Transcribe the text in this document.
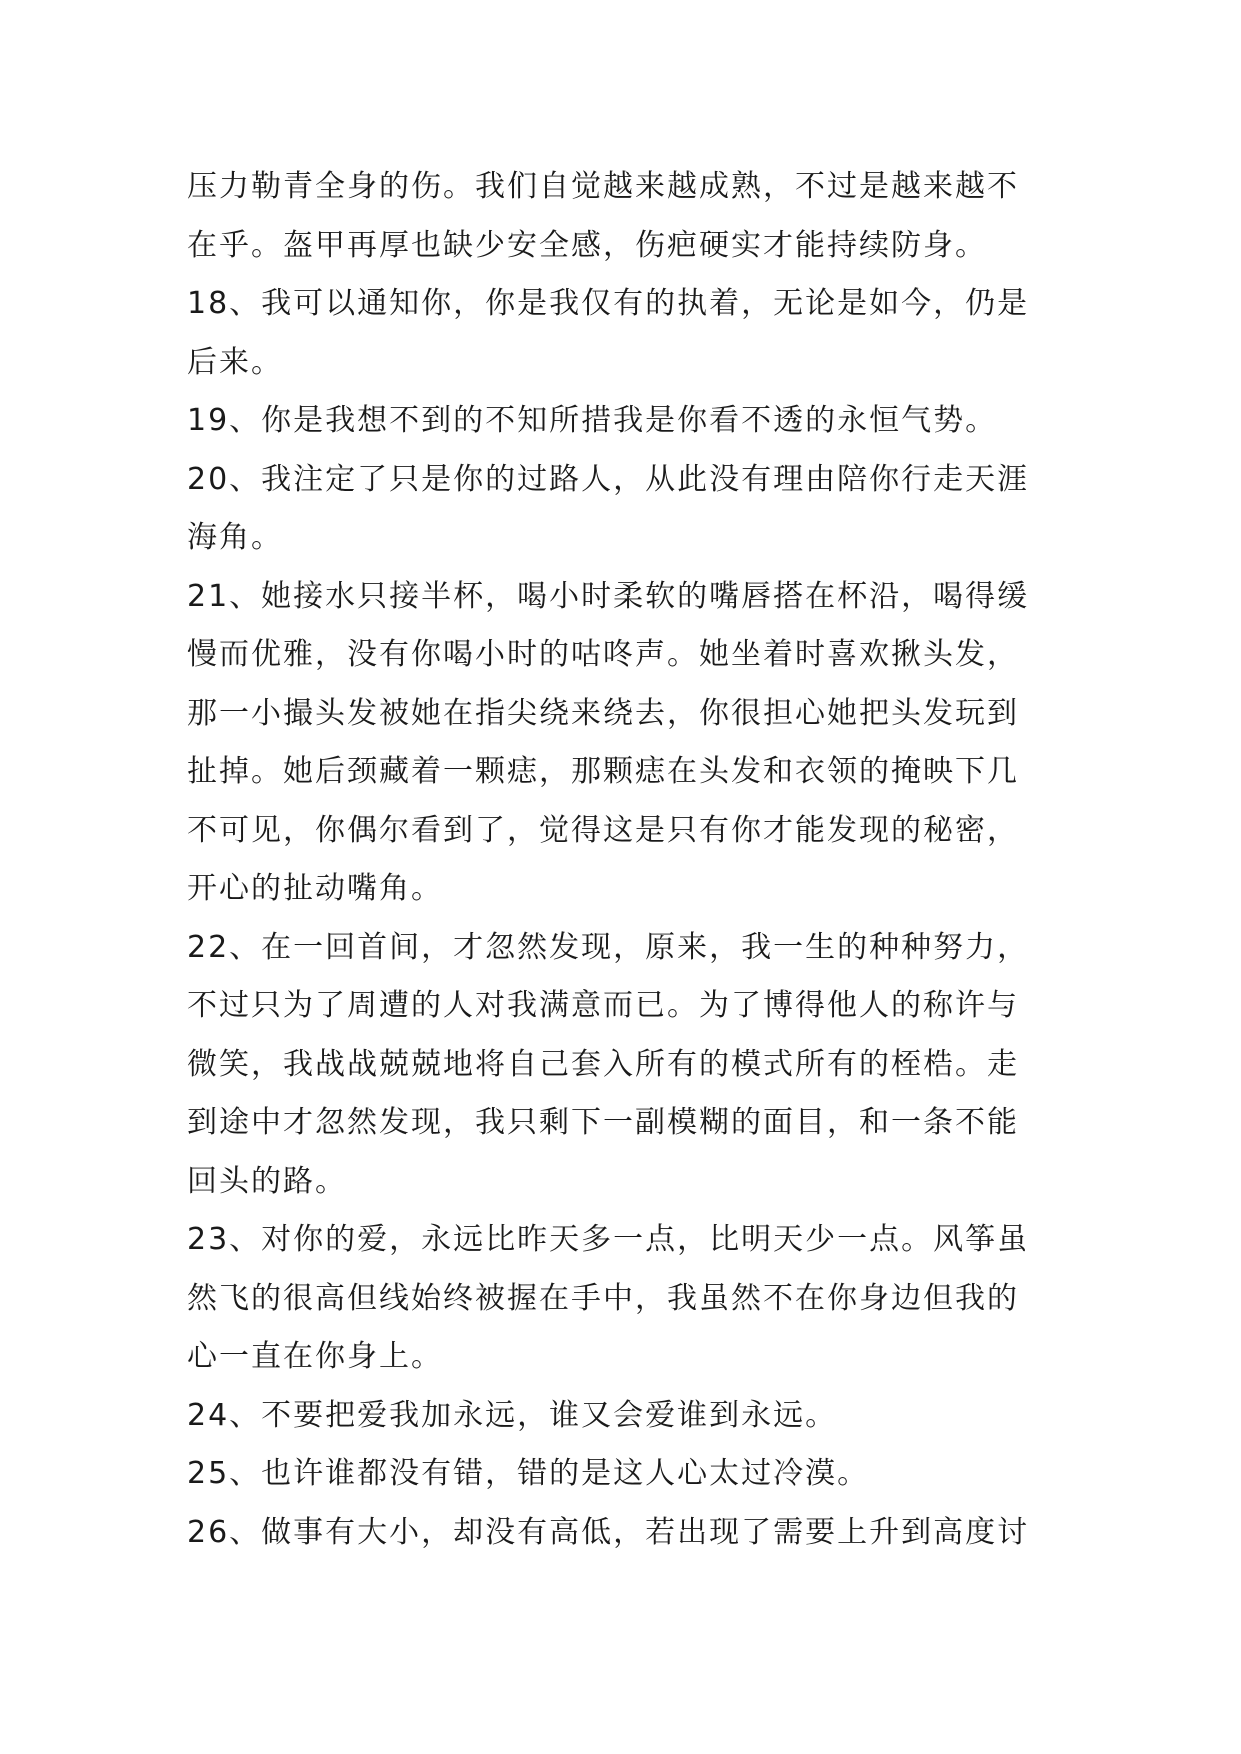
压力勒青全身的伤。我们自觉越来越成熟，不过是越来越不
在乎。盔甲再厚也缺少安全感，伤疤硬实才能持续防身。
18、我可以通知你，你是我仅有的执着，无论是如今，仍是
后来。
19、你是我想不到的不知所措我是你看不透的永恒气势。
20、我注定了只是你的过路人，从此没有理由陪你行走天涯
海角。
21、她接水只接半杯，喝小时柔软的嘴唇搭在杯沿，喝得缓
慢而优雅，没有你喝小时的咕咚声。她坐着时喜欢揪头发，
那一小撮头发被她在指尖绕来绕去，你很担心她把头发玩到
扯掉。她后颈藏着一颗痣，那颗痣在头发和衣领的掩映下几
不可见，你偶尔看到了，觉得这是只有你才能发现的秘密，
开心的扯动嘴角。
22、在一回首间，才忽然发现，原来，我一生的种种努力，
不过只为了周遭的人对我满意而已。为了博得他人的称许与
微笑，我战战兢兢地将自己套入所有的模式所有的桎梏。走
到途中才忽然发现，我只剩下一副模糊的面目，和一条不能
回头的路。
23、对你的爱，永远比昨天多一点，比明天少一点。风筝虽
然飞的很高但线始终被握在手中，我虽然不在你身边但我的
心一直在你身上。
24、不要把爱我加永远，谁又会爱谁到永远。
25、也许谁都没有错，错的是这人心太过冷漠。
26、做事有大小，却没有高低，若出现了需要上升到高度讨
